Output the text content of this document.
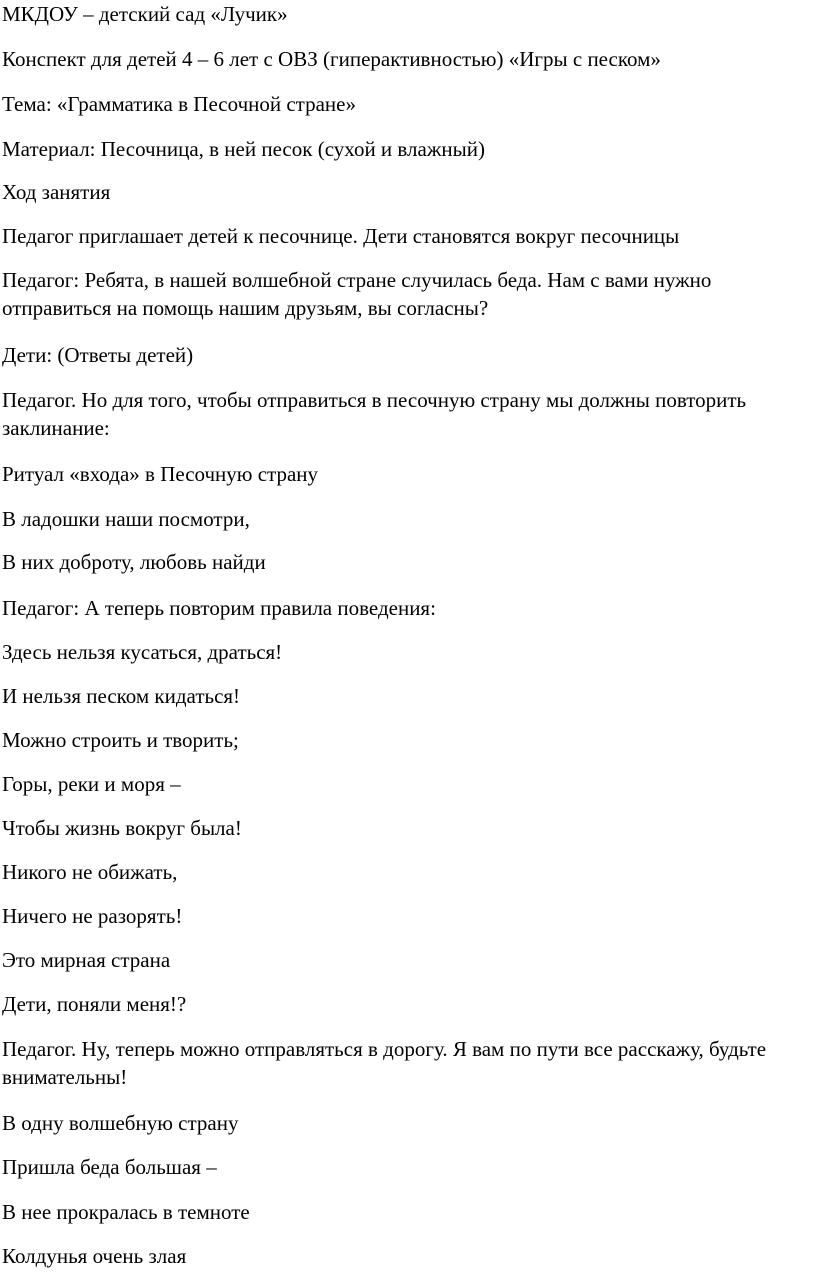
МКДОУ – детский сад «Лучик»

Конспект для детей 4 – 6 лет с ОВЗ (гиперактивностью) «Игры с песком»

Тема: «Грамматика в Песочной стране»

Материал: Песочница, в ней песок (сухой и влажный)

Ход занятия

Педагог приглашает детей к песочнице. Дети становятся вокруг песочницы

Педагог: Ребята, в нашей волшебной стране случилась беда. Нам с вами нужно отправиться на помощь нашим друзьям, вы согласны?

Дети: (Ответы детей)

Педагог. Но для того, чтобы отправиться в песочную страну мы должны повторить заклинание:

Ритуал «входа» в Песочную страну

В ладошки наши посмотри,

В них доброту, любовь найди

Педагог: А теперь повторим правила поведения:

Здесь нельзя кусаться, драться!

И нельзя песком кидаться!

Можно строить и творить;

Горы, реки и моря –

Чтобы жизнь вокруг была!

Никого не обижать,

Ничего не разорять!

Это мирная страна

Дети, поняли меня!?

Педагог. Ну, теперь можно отправляться в дорогу. Я вам по пути все расскажу, будьте внимательны!

В одну волшебную страну

Пришла беда большая –

В нее прокралась в темноте

Колдунья очень злая
